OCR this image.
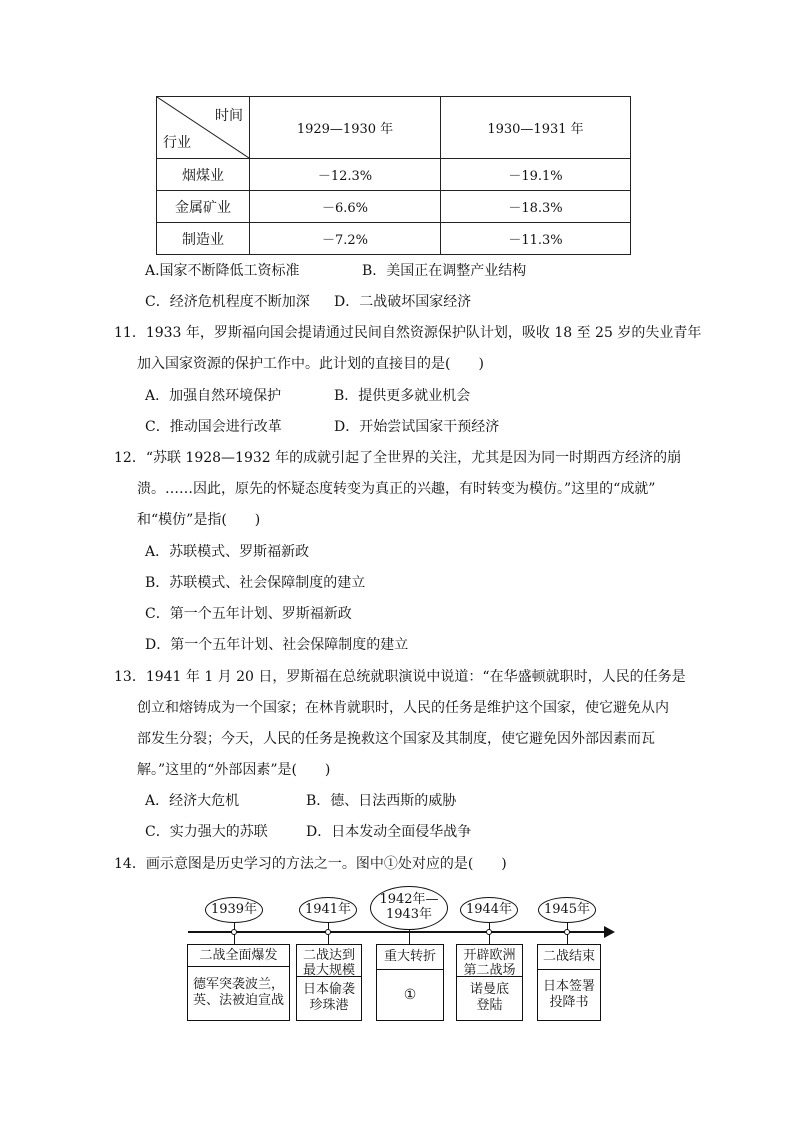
时间
行业	1929—1930 年	1930—1931 年
烟煤业	－12.3%	－19.1%
金属矿业	－6.6%	－18.3%
制造业	－7.2%	－11.3%
A.国家不断降低工资标准	B．美国正在调整产业结构
C．经济危机程度不断加深 D．二战破坏国家经济
11．1933 年，罗斯福向国会提请通过民间自然资源保护队计划，吸收 18 至 25 岁的失业青年
加入国家资源的保护工作中。此计划的直接目的是(　　)
A．加强自然环境保护	B．提供更多就业机会
C．推动国会进行改革	D．开始尝试国家干预经济
12．“苏联 1928—1932 年的成就引起了全世界的关注，尤其是因为同一时期西方经济的崩
溃。……因此，原先的怀疑态度转变为真正的兴趣，有时转变为模仿。”这里的“成就”
和“模仿”是指(　　)
A．苏联模式、罗斯福新政
B．苏联模式、社会保障制度的建立
C．第一个五年计划、罗斯福新政
D．第一个五年计划、社会保障制度的建立
13．1941 年 1 月 20 日，罗斯福在总统就职演说中说道：“在华盛顿就职时，人民的任务是
创立和熔铸成为一个国家；在林肯就职时，人民的任务是维护这个国家，使它避免从内
部发生分裂；今天，人民的任务是挽救这个国家及其制度，使它避免因外部因素而瓦
解。”这里的“外部因素”是(　　)
A．经济大危机	B．德、日法西斯的威胁
C．实力强大的苏联	D．日本发动全面侵华战争
14．画示意图是历史学习的方法之一。图中①处对应的是(　　)
1939年	1941年
1942年—
1943年	1944年	1945年
二战全面爆发
德军突袭波兰，
英、法被迫宣战
二战达到
最大规模
日本偷袭
珍珠港
重大转折
①
开辟欧洲
第二战场
诺曼底
登陆
二战结束
日本签署
投降书
